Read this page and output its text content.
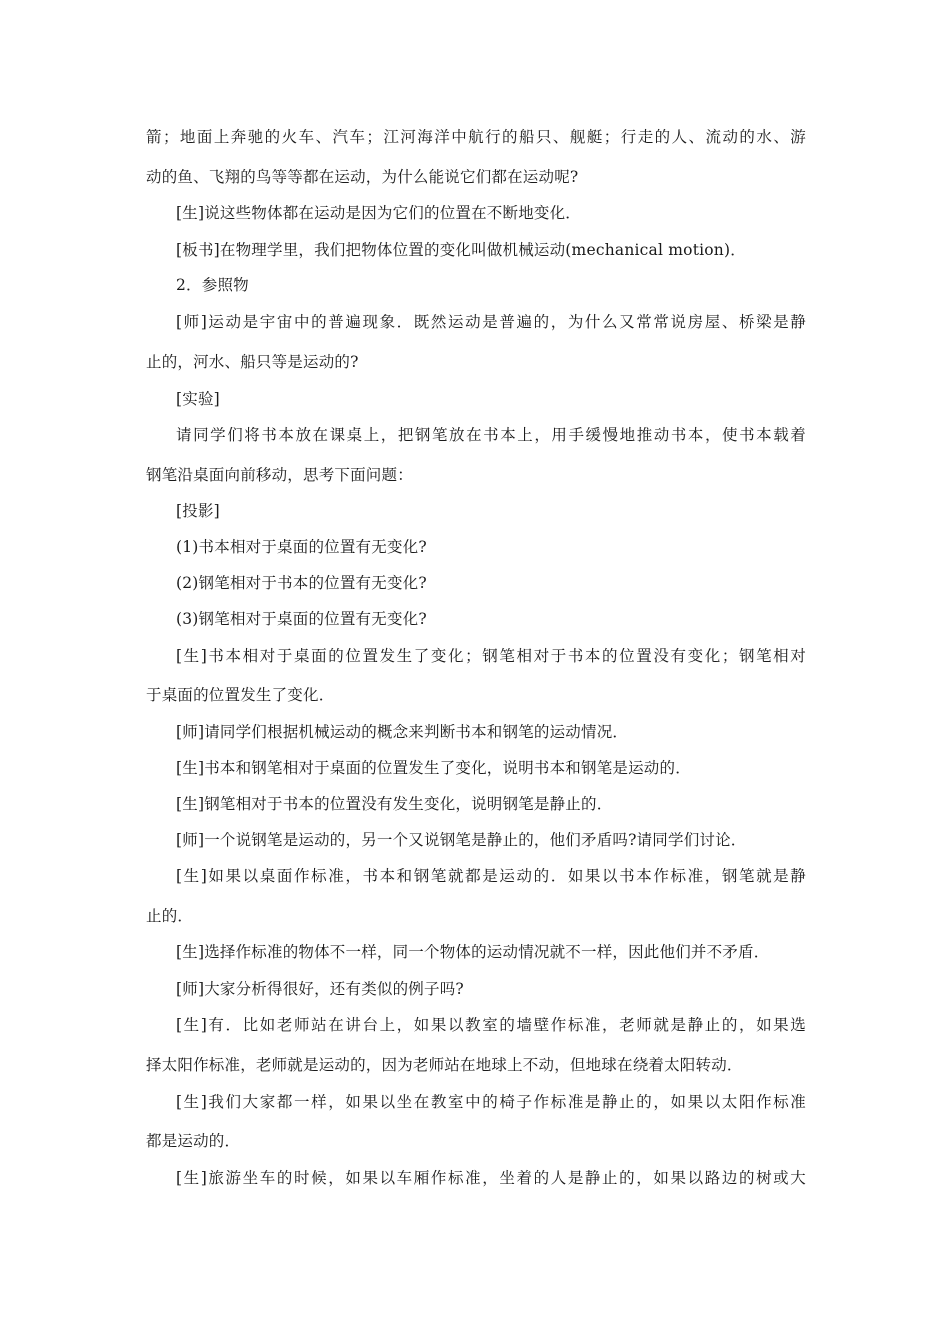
箭；地面上奔驰的火车、汽车；江河海洋中航行的船只、舰艇；行走的人、流动的水、游
动的鱼、飞翔的鸟等等都在运动，为什么能说它们都在运动呢?
[生]说这些物体都在运动是因为它们的位置在不断地变化．
[板书]在物理学里，我们把物体位置的变化叫做机械运动(mechanical motion)．
2．参照物
[师]运动是宇宙中的普遍现象．既然运动是普遍的，为什么又常常说房屋、桥梁是静
止的，河水、船只等是运动的?
[实验]
请同学们将书本放在课桌上，把钢笔放在书本上，用手缓慢地推动书本，使书本载着
钢笔沿桌面向前移动，思考下面问题：
[投影]
(1)书本相对于桌面的位置有无变化?
(2)钢笔相对于书本的位置有无变化?
(3)钢笔相对于桌面的位置有无变化?
[生]书本相对于桌面的位置发生了变化；钢笔相对于书本的位置没有变化；钢笔相对
于桌面的位置发生了变化．
[师]请同学们根据机械运动的概念来判断书本和钢笔的运动情况．
[生]书本和钢笔相对于桌面的位置发生了变化，说明书本和钢笔是运动的．
[生]钢笔相对于书本的位置没有发生变化，说明钢笔是静止的．
[师]一个说钢笔是运动的，另一个又说钢笔是静止的，他们矛盾吗?请同学们讨论．
[生]如果以桌面作标准，书本和钢笔就都是运动的．如果以书本作标准，钢笔就是静
止的．
[生]选择作标准的物体不一样，同一个物体的运动情况就不一样，因此他们并不矛盾．
[师]大家分析得很好，还有类似的例子吗?
[生]有．比如老师站在讲台上，如果以教室的墙壁作标准，老师就是静止的，如果选
择太阳作标准，老师就是运动的，因为老师站在地球上不动，但地球在绕着太阳转动．
[生]我们大家都一样，如果以坐在教室中的椅子作标准是静止的，如果以太阳作标准
都是运动的．
[生]旅游坐车的时候，如果以车厢作标准，坐着的人是静止的，如果以路边的树或大
